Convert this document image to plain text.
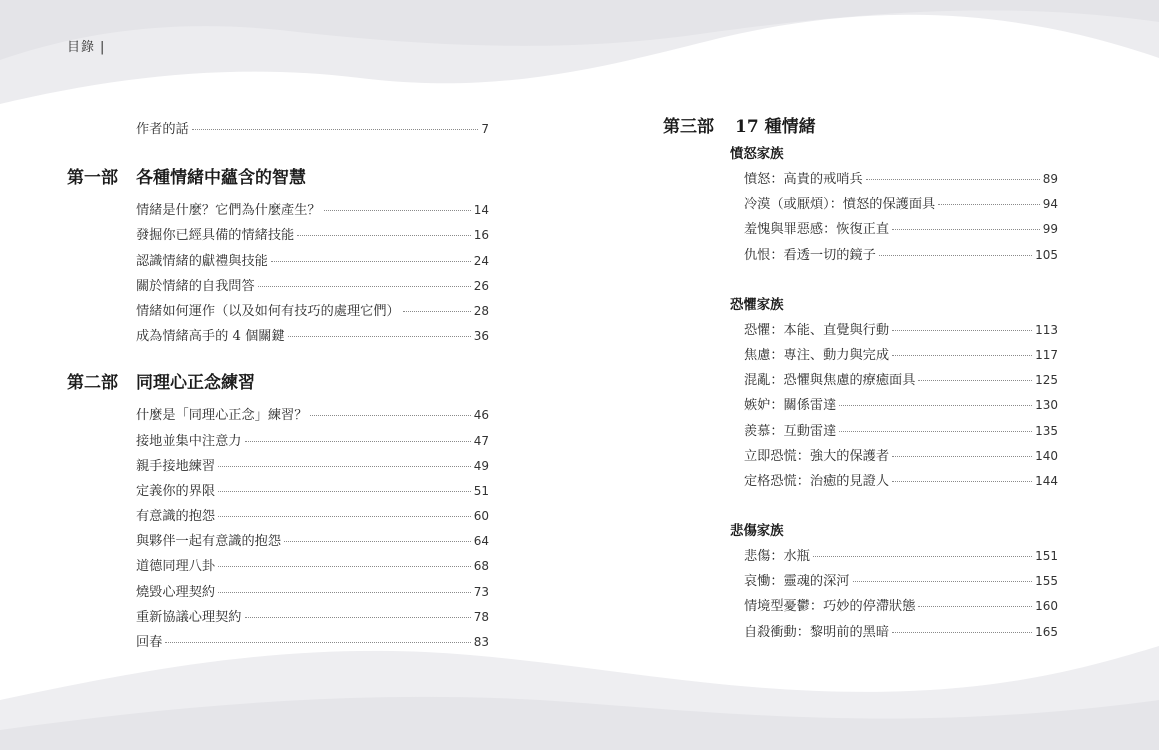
目錄 |
作者的話	7
第一部 各種情緒中蘊含的智慧
情緒是什麼？它們為什麼產生？	14
發掘你已經具備的情緒技能	16
認識情緒的獻禮與技能	24
關於情緒的自我問答	26
情緒如何運作（以及如何有技巧的處理它們）	28
成為情緒高手的 4 個關鍵	36
第二部 同理心正念練習
什麼是「同理心正念」練習？	46
接地並集中注意力	47
親手接地練習	49
定義你的界限	51
有意識的抱怨	60
與夥伴一起有意識的抱怨	64
道德同理八卦	68
燒毀心理契約	73
重新協議心理契約	78
回春	83
第三部 17 種情緒
憤怒家族
憤怒：高貴的戒哨兵	89
冷漠（或厭煩）：憤怒的保護面具	94
羞愧與罪惡感：恢復正直	99
仇恨：看透一切的鏡子	105
恐懼家族
恐懼：本能、直覺與行動	113
焦慮：專注、動力與完成	117
混亂：恐懼與焦慮的療癒面具	125
嫉妒：關係雷達	130
羨慕：互動雷達	135
立即恐慌：強大的保護者	140
定格恐慌：治癒的見證人	144
悲傷家族
悲傷：水瓶	151
哀慟：靈魂的深河	155
情境型憂鬱：巧妙的停滯狀態	160
自殺衝動：黎明前的黑暗	165
